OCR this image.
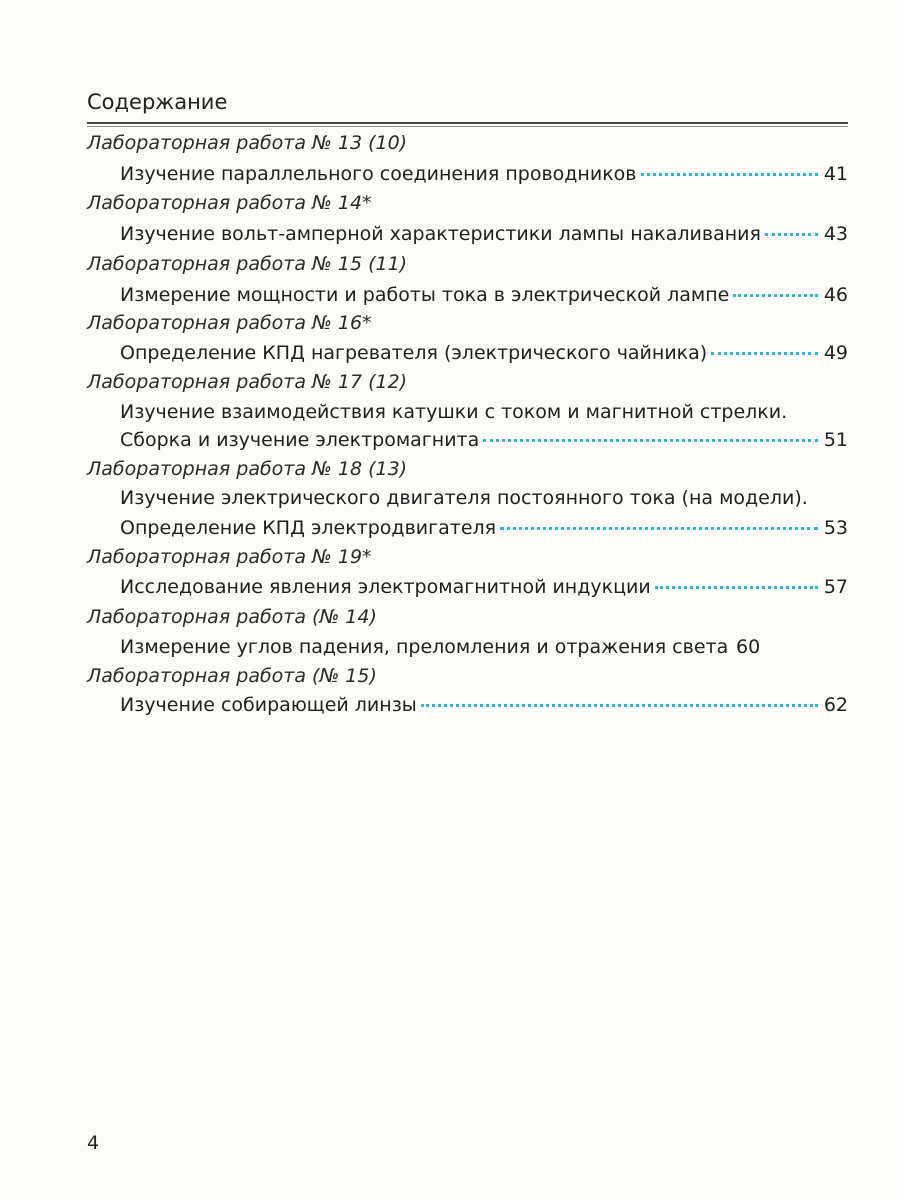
Содержание
Лабораторная работа № 13 (10)
Изучение параллельного соединения проводников	41
Лабораторная работа № 14*
Изучение вольт-амперной характеристики лампы накаливания	43
Лабораторная работа № 15 (11)
Измерение мощности и работы тока в электрической лампе	46
Лабораторная работа № 16*
Определение КПД нагревателя (электрического чайника)	49
Лабораторная работа № 17 (12)
Изучение взаимодействия катушки с током и магнитной стрелки.
Сборка и изучение электромагнита	51
Лабораторная работа № 18 (13)
Изучение электрического двигателя постоянного тока (на модели).
Определение КПД электродвигателя	53
Лабораторная работа № 19*
Исследование явления электромагнитной индукции	57
Лабораторная работа (№ 14)
Измерение углов падения, преломления и отражения света 60
Лабораторная работа (№ 15)
Изучение собирающей линзы	62
4
